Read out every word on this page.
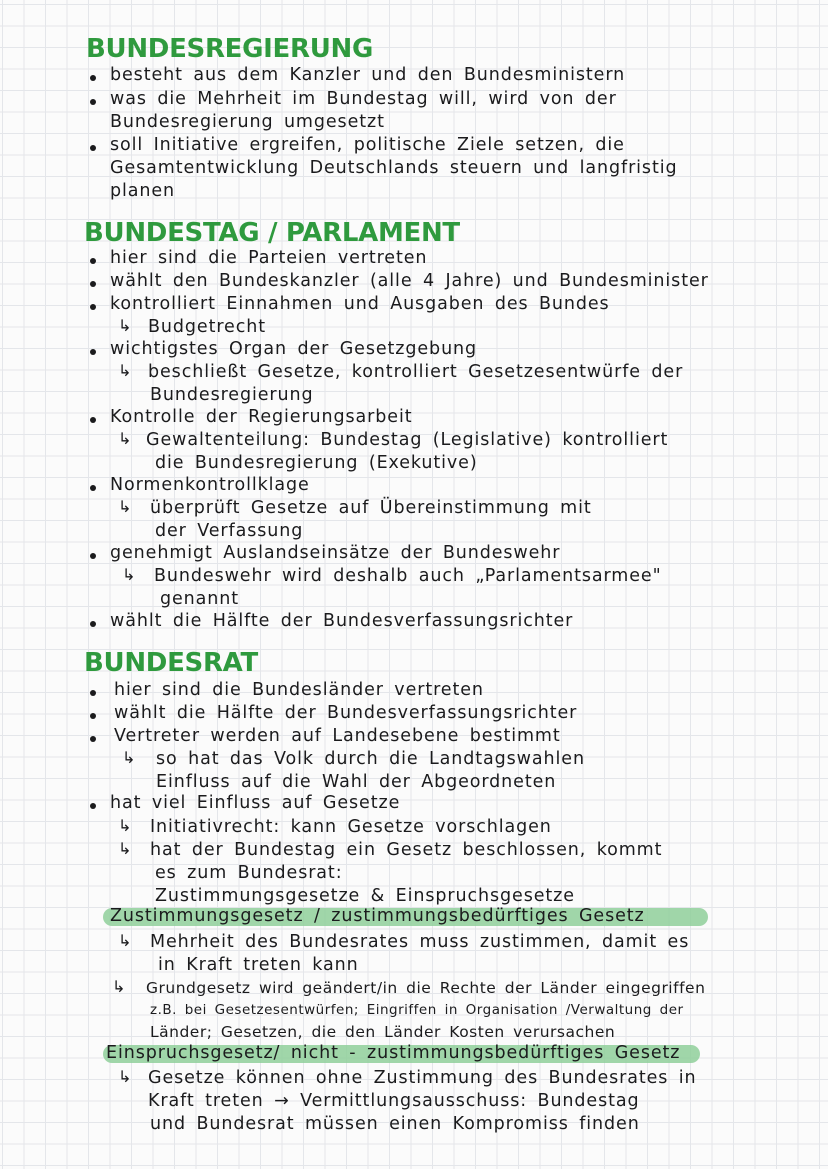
BUNDESREGIERUNG
besteht aus dem Kanzler und den Bundesministern
was die Mehrheit im Bundestag will, wird von der
Bundesregierung umgesetzt
soll Initiative ergreifen, politische Ziele setzen, die
Gesamtentwicklung Deutschlands steuern und langfristig
planen
BUNDESTAG / PARLAMENT
hier sind die Parteien vertreten
wählt den Bundeskanzler (alle 4 Jahre) und Bundesminister
kontrolliert Einnahmen und Ausgaben des Bundes
↳ Budgetrecht
wichtigstes Organ der Gesetzgebung
↳ beschließt Gesetze, kontrolliert Gesetzesentwürfe der
Bundesregierung
Kontrolle der Regierungsarbeit
↳ Gewaltenteilung: Bundestag (Legislative) kontrolliert
die Bundesregierung (Exekutive)
Normenkontrollklage
↳ überprüft Gesetze auf Übereinstimmung mit
der Verfassung
genehmigt Auslandseinsätze der Bundeswehr
↳ Bundeswehr wird deshalb auch „Parlamentsarmee"
genannt
wählt die Hälfte der Bundesverfassungsrichter
BUNDESRAT
hier sind die Bundesländer vertreten
wählt die Hälfte der Bundesverfassungsrichter
Vertreter werden auf Landesebene bestimmt
↳ so hat das Volk durch die Landtagswahlen
Einfluss auf die Wahl der Abgeordneten
hat viel Einfluss auf Gesetze
↳ Initiativrecht: kann Gesetze vorschlagen
↳ hat der Bundestag ein Gesetz beschlossen, kommt
es zum Bundesrat:
Zustimmungsgesetze & Einspruchsgesetze
Zustimmungsgesetz / zustimmungsbedürftiges Gesetz
↳ Mehrheit des Bundesrates muss zustimmen, damit es
in Kraft treten kann
↳ Grundgesetz wird geändert/in die Rechte der Länder eingegriffen
z.B. bei Gesetzesentwürfen; Eingriffen in Organisation /Verwaltung der
Länder; Gesetzen, die den Länder Kosten verursachen
Einspruchsgesetz/ nicht - zustimmungsbedürftiges Gesetz
↳ Gesetze können ohne Zustimmung des Bundesrates in
Kraft treten → Vermittlungsausschuss: Bundestag
und Bundesrat müssen einen Kompromiss finden
